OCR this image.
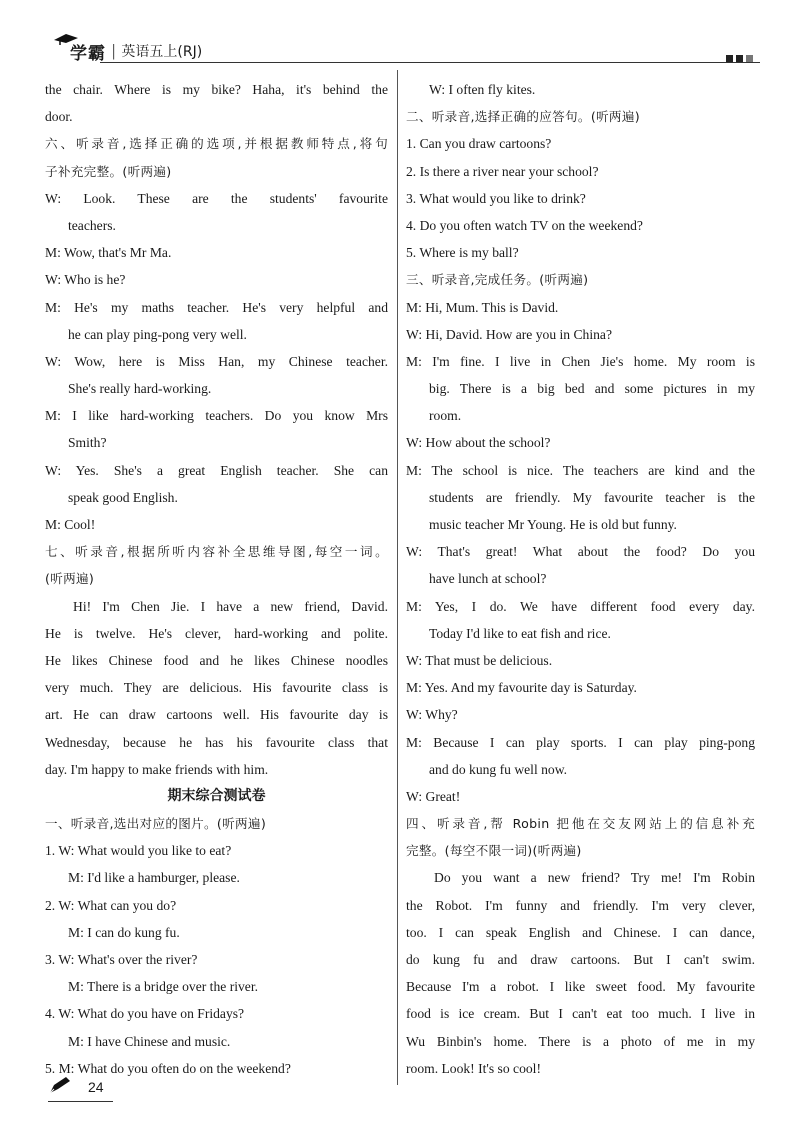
学霸 | 英语五上(RJ)
the chair. Where is my bike? Haha, it's behind the
door.
六、听录音,选择正确的选项,并根据教师特点,将句
子补充完整。(听两遍)
W: Look. These are the students' favourite
teachers.
M: Wow, that's Mr Ma.
W: Who is he?
M: He's my maths teacher. He's very helpful and
he can play ping-pong very well.
W: Wow, here is Miss Han, my Chinese teacher.
She's really hard-working.
M: I like hard-working teachers. Do you know Mrs
Smith?
W: Yes. She's a great English teacher. She can
speak good English.
M: Cool!
七、听录音,根据所听内容补全思维导图,每空一词。
(听两遍)
Hi! I'm Chen Jie. I have a new friend, David.
He is twelve. He's clever, hard-working and polite.
He likes Chinese food and he likes Chinese noodles
very much. They are delicious. His favourite class is
art. He can draw cartoons well. His favourite day is
Wednesday, because he has his favourite class that
day. I'm happy to make friends with him.
期末综合测试卷
一、听录音,选出对应的图片。(听两遍)
1. W: What would you like to eat?
M: I'd like a hamburger, please.
2. W: What can you do?
M: I can do kung fu.
3. W: What's over the river?
M: There is a bridge over the river.
4. W: What do you have on Fridays?
M: I have Chinese and music.
5. M: What do you often do on the weekend?
W: I often fly kites.
二、听录音,选择正确的应答句。(听两遍)
1. Can you draw cartoons?
2. Is there a river near your school?
3. What would you like to drink?
4. Do you often watch TV on the weekend?
5. Where is my ball?
三、听录音,完成任务。(听两遍)
M: Hi, Mum. This is David.
W: Hi, David. How are you in China?
M: I'm fine. I live in Chen Jie's home. My room is
big. There is a big bed and some pictures in my
room.
W: How about the school?
M: The school is nice. The teachers are kind and the
students are friendly. My favourite teacher is the
music teacher Mr Young. He is old but funny.
W: That's great! What about the food? Do you
have lunch at school?
M: Yes, I do. We have different food every day.
Today I'd like to eat fish and rice.
W: That must be delicious.
M: Yes. And my favourite day is Saturday.
W: Why?
M: Because I can play sports. I can play ping-pong
and do kung fu well now.
W: Great!
四、听录音,帮 Robin 把他在交友网站上的信息补充
完整。(每空不限一词)(听两遍)
Do you want a new friend? Try me! I'm Robin
the Robot. I'm funny and friendly. I'm very clever,
too. I can speak English and Chinese. I can dance,
do kung fu and draw cartoons. But I can't swim.
Because I'm a robot. I like sweet food. My favourite
food is ice cream. But I can't eat too much. I live in
Wu Binbin's home. There is a photo of me in my
room. Look! It's so cool!
24
